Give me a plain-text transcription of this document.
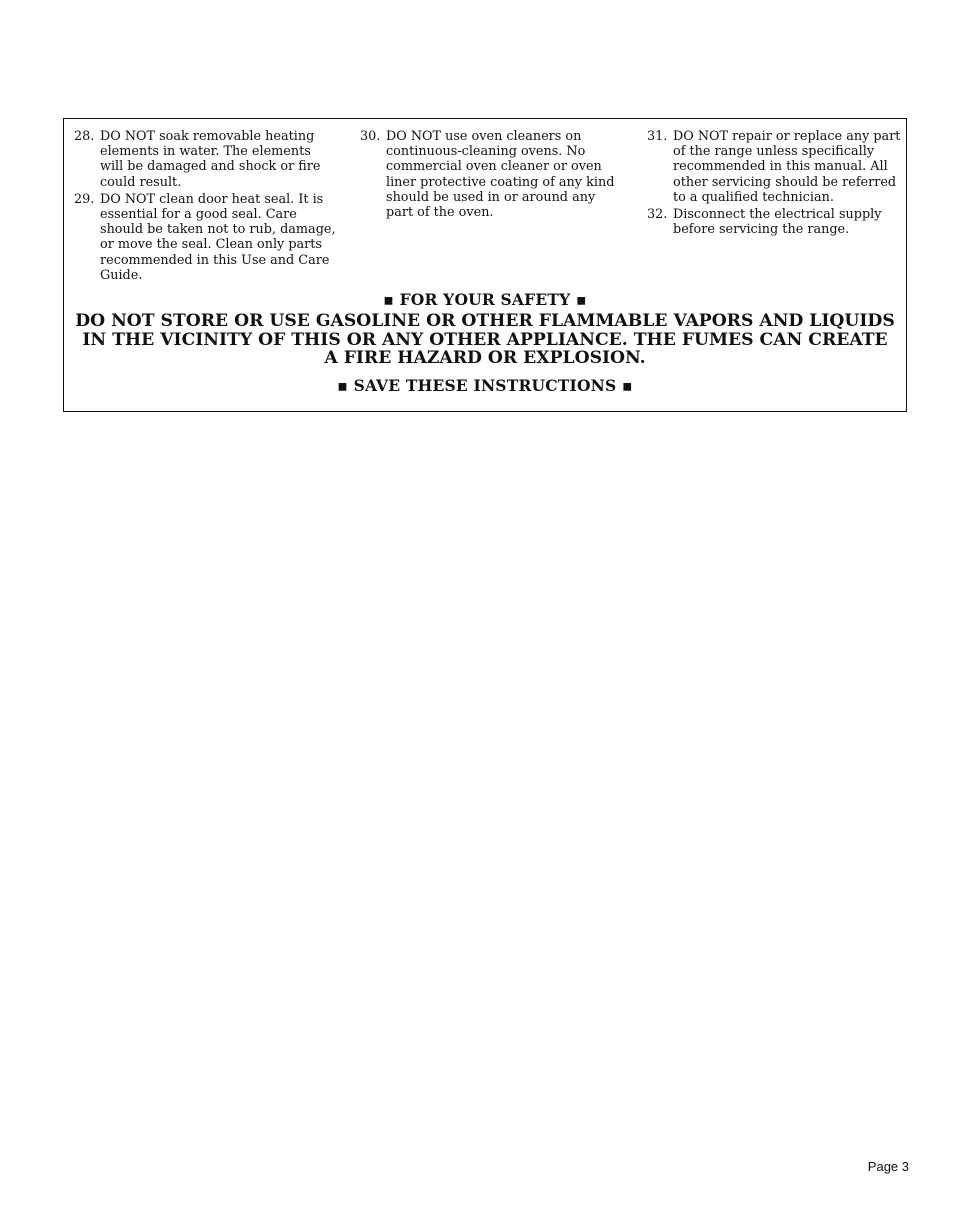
28. DO NOT soak removable heating elements in water. The elements will be damaged and shock or fire could result.
29. DO NOT clean door heat seal. It is essential for a good seal. Care should be taken not to rub, damage, or move the seal. Clean only parts recommended in this Use and Care Guide.
30. DO NOT use oven cleaners on continuous-cleaning ovens. No commercial oven cleaner or oven liner protective coating of any kind should be used in or around any part of the oven.
31. DO NOT repair or replace any part of the range unless specifically recommended in this manual. All other servicing should be referred to a qualified technician.
32. Disconnect the electrical supply before servicing the range.
▪ FOR YOUR SAFETY ▪
DO NOT STORE OR USE GASOLINE OR OTHER FLAMMABLE VAPORS AND LIQUIDS IN THE VICINITY OF THIS OR ANY OTHER APPLIANCE. THE FUMES CAN CREATE A FIRE HAZARD OR EXPLOSION.
▪ SAVE THESE INSTRUCTIONS ▪
Page 3
